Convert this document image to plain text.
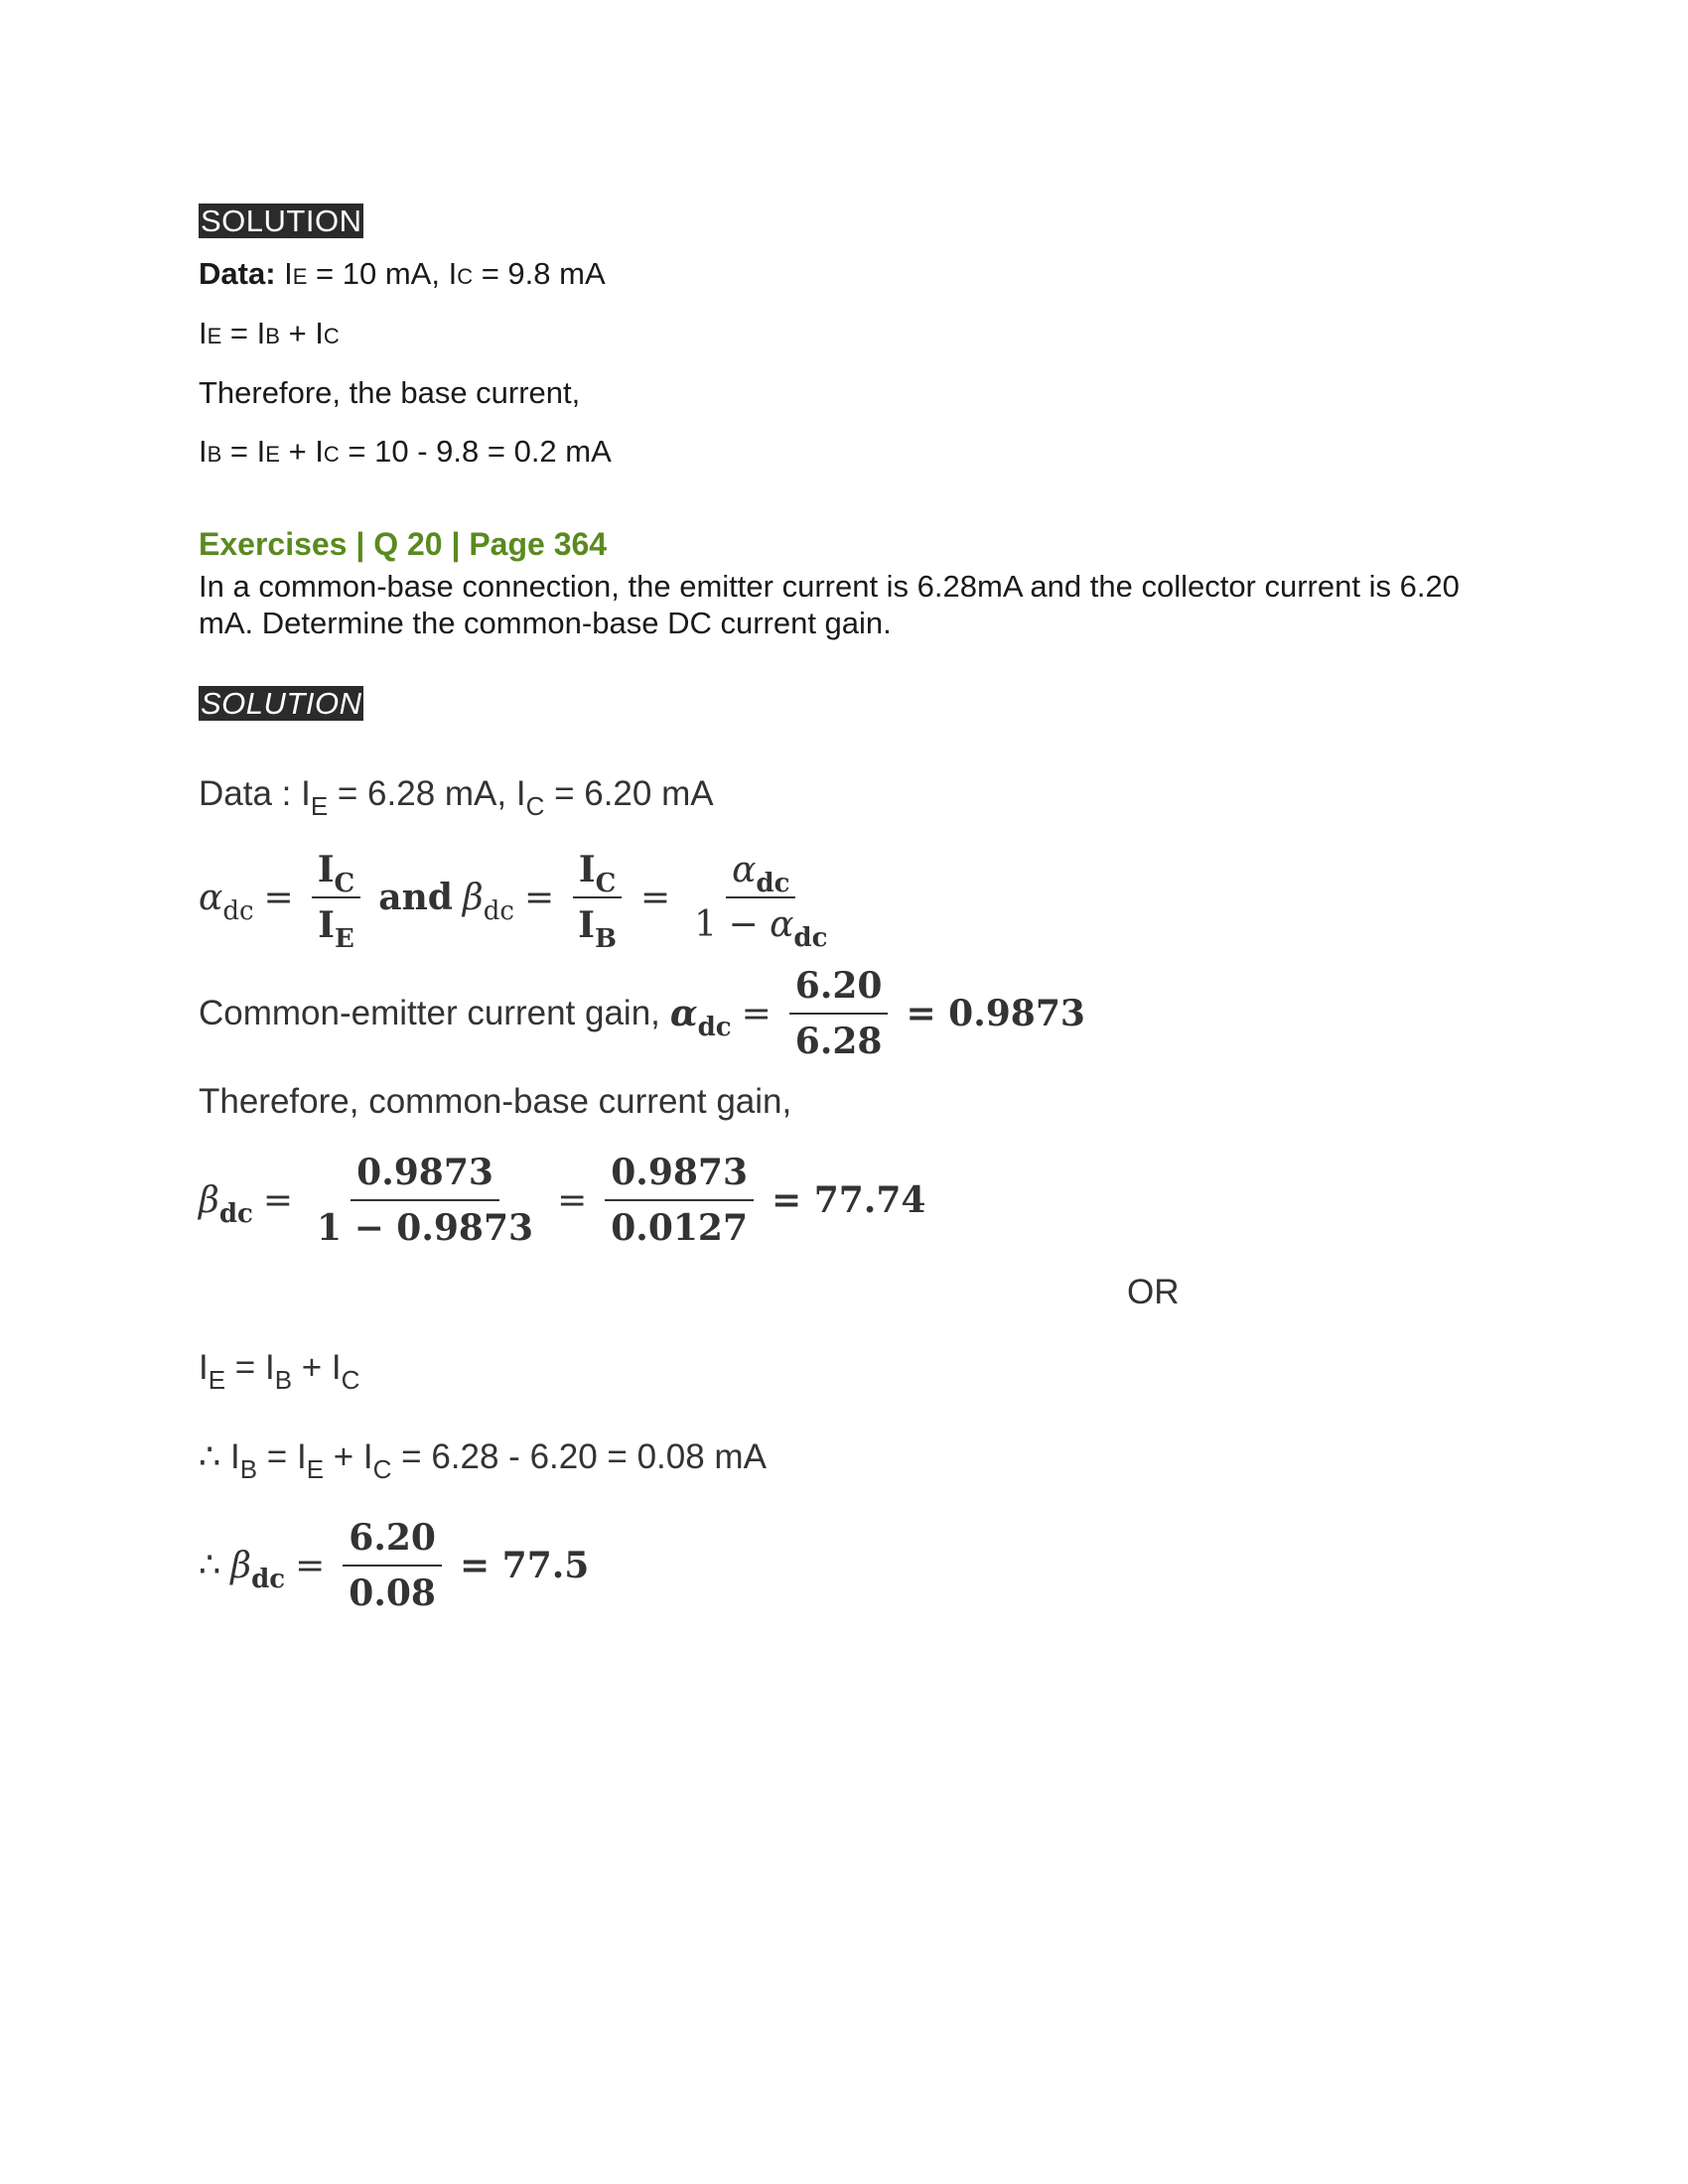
SOLUTION
Data: IE = 10 mA, IC = 9.8 mA
IE = IB + IC
Therefore, the base current,
IB = IE + IC = 10 - 9.8 = 0.2 mA
Exercises | Q 20 | Page 364
In a common-base connection, the emitter current is 6.28mA and the collector current is 6.20 mA. Determine the common-base DC current gain.
SOLUTION
Data : $I_E = 6.28$ mA, $I_C = 6.20$ mA
$\alpha_{dc} = \frac{I_C}{I_E}$ and $\beta_{dc} = \frac{I_C}{I_B} = \frac{\alpha_{dc}}{1 - \alpha_{dc}}$
Common-emitter current gain, $\alpha_{dc} = \frac{6.20}{6.28} = 0.9873$
Therefore, common-base current gain,
$\beta_{dc} = \frac{0.9873}{1 - 0.9873} = \frac{0.9873}{0.0127} = 77.74$
OR
$I_E = I_B + I_C$
∴ $I_B = I_E + I_C = 6.28 - 6.20 = 0.08$ mA
∴ $\beta_{dc} = \frac{6.20}{0.08} = 77.5$
